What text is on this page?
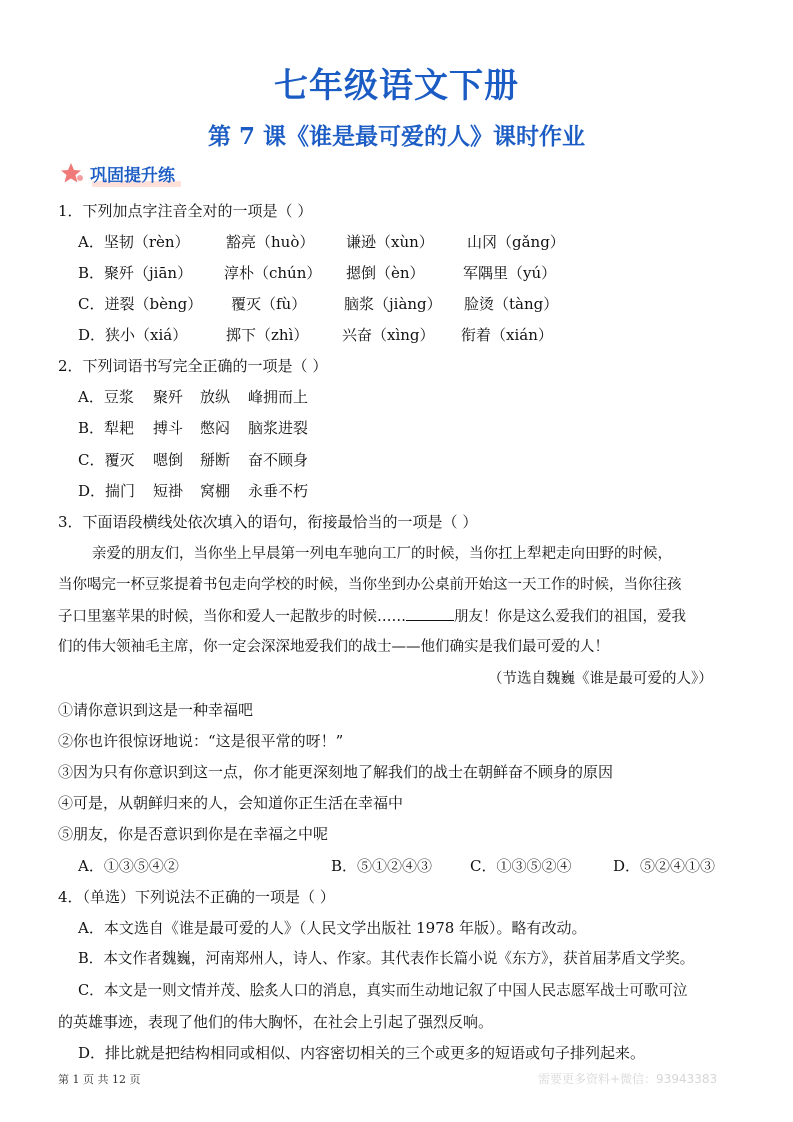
七年级语文下册
第 7 课《谁是最可爱的人》课时作业
巩固提升练
1．下列加点字注音全对的一项是（ ）
A．坚韧（rèn） 豁亮（huò） 谦逊（xùn） 山冈（gǎng）
B．聚歼（jiān） 淳朴（chún） 摁倒（èn）	军隅里（yú）
C．迸裂（bèng） 覆灭（fù）	脑浆（jiàng） 脸烫（tàng）
D．狭小（xiá）	掷下（zhì） 兴奋（xìng） 衔着（xián）
2．下列词语书写完全正确的一项是（ ）
A．豆浆 聚歼 放纵 峰拥而上
B．犁耙 搏斗 憋闷 脑浆进裂
C．覆灭 嗯倒 掰断 奋不顾身
D．揣门 短褂 窝棚 永垂不朽
3．下面语段横线处依次填入的语句，衔接最恰当的一项是（ ）
亲爱的朋友们，当你坐上早晨第一列电车驰向工厂的时候，当你扛上犁耙走向田野的时候，
当你喝完一杯豆浆提着书包走向学校的时候，当你坐到办公桌前开始这一天工作的时候，当你往孩
子口里塞苹果的时候，当你和爱人一起散步的时候……	朋友！你是这么爱我们的祖国，爱我
们的伟大领袖毛主席，你一定会深深地爱我们的战士——他们确实是我们最可爱的人！
（节选自魏巍《谁是最可爱的人》）
①请你意识到这是一种幸福吧
②你也许很惊讶地说：“这是很平常的呀！”
③因为只有你意识到这一点，你才能更深刻地了解我们的战士在朝鲜奋不顾身的原因
④可是，从朝鲜归来的人，会知道你正生活在幸福中
⑤朋友，你是否意识到你是在幸福之中呢
A．①③⑤④②	B．⑤①②④③	C．①③⑤②④	D．⑤②④①③
4．（单选）下列说法不正确的一项是（ ）
A．本文选自《谁是最可爱的人》（人民文学出版社 1978 年版）。略有改动。
B．本文作者魏巍，河南郑州人，诗人、作家。其代表作长篇小说《东方》，获首届茅盾文学奖。
C．本文是一则文情并茂、脍炙人口的消息，真实而生动地记叙了中国人民志愿军战士可歌可泣
的英雄事迹，表现了他们的伟大胸怀，在社会上引起了强烈反响。
D．排比就是把结构相同或相似、内容密切相关的三个或更多的短语或句子排列起来。
第 1 页 共 12 页	需要更多资料+微信：93943383
